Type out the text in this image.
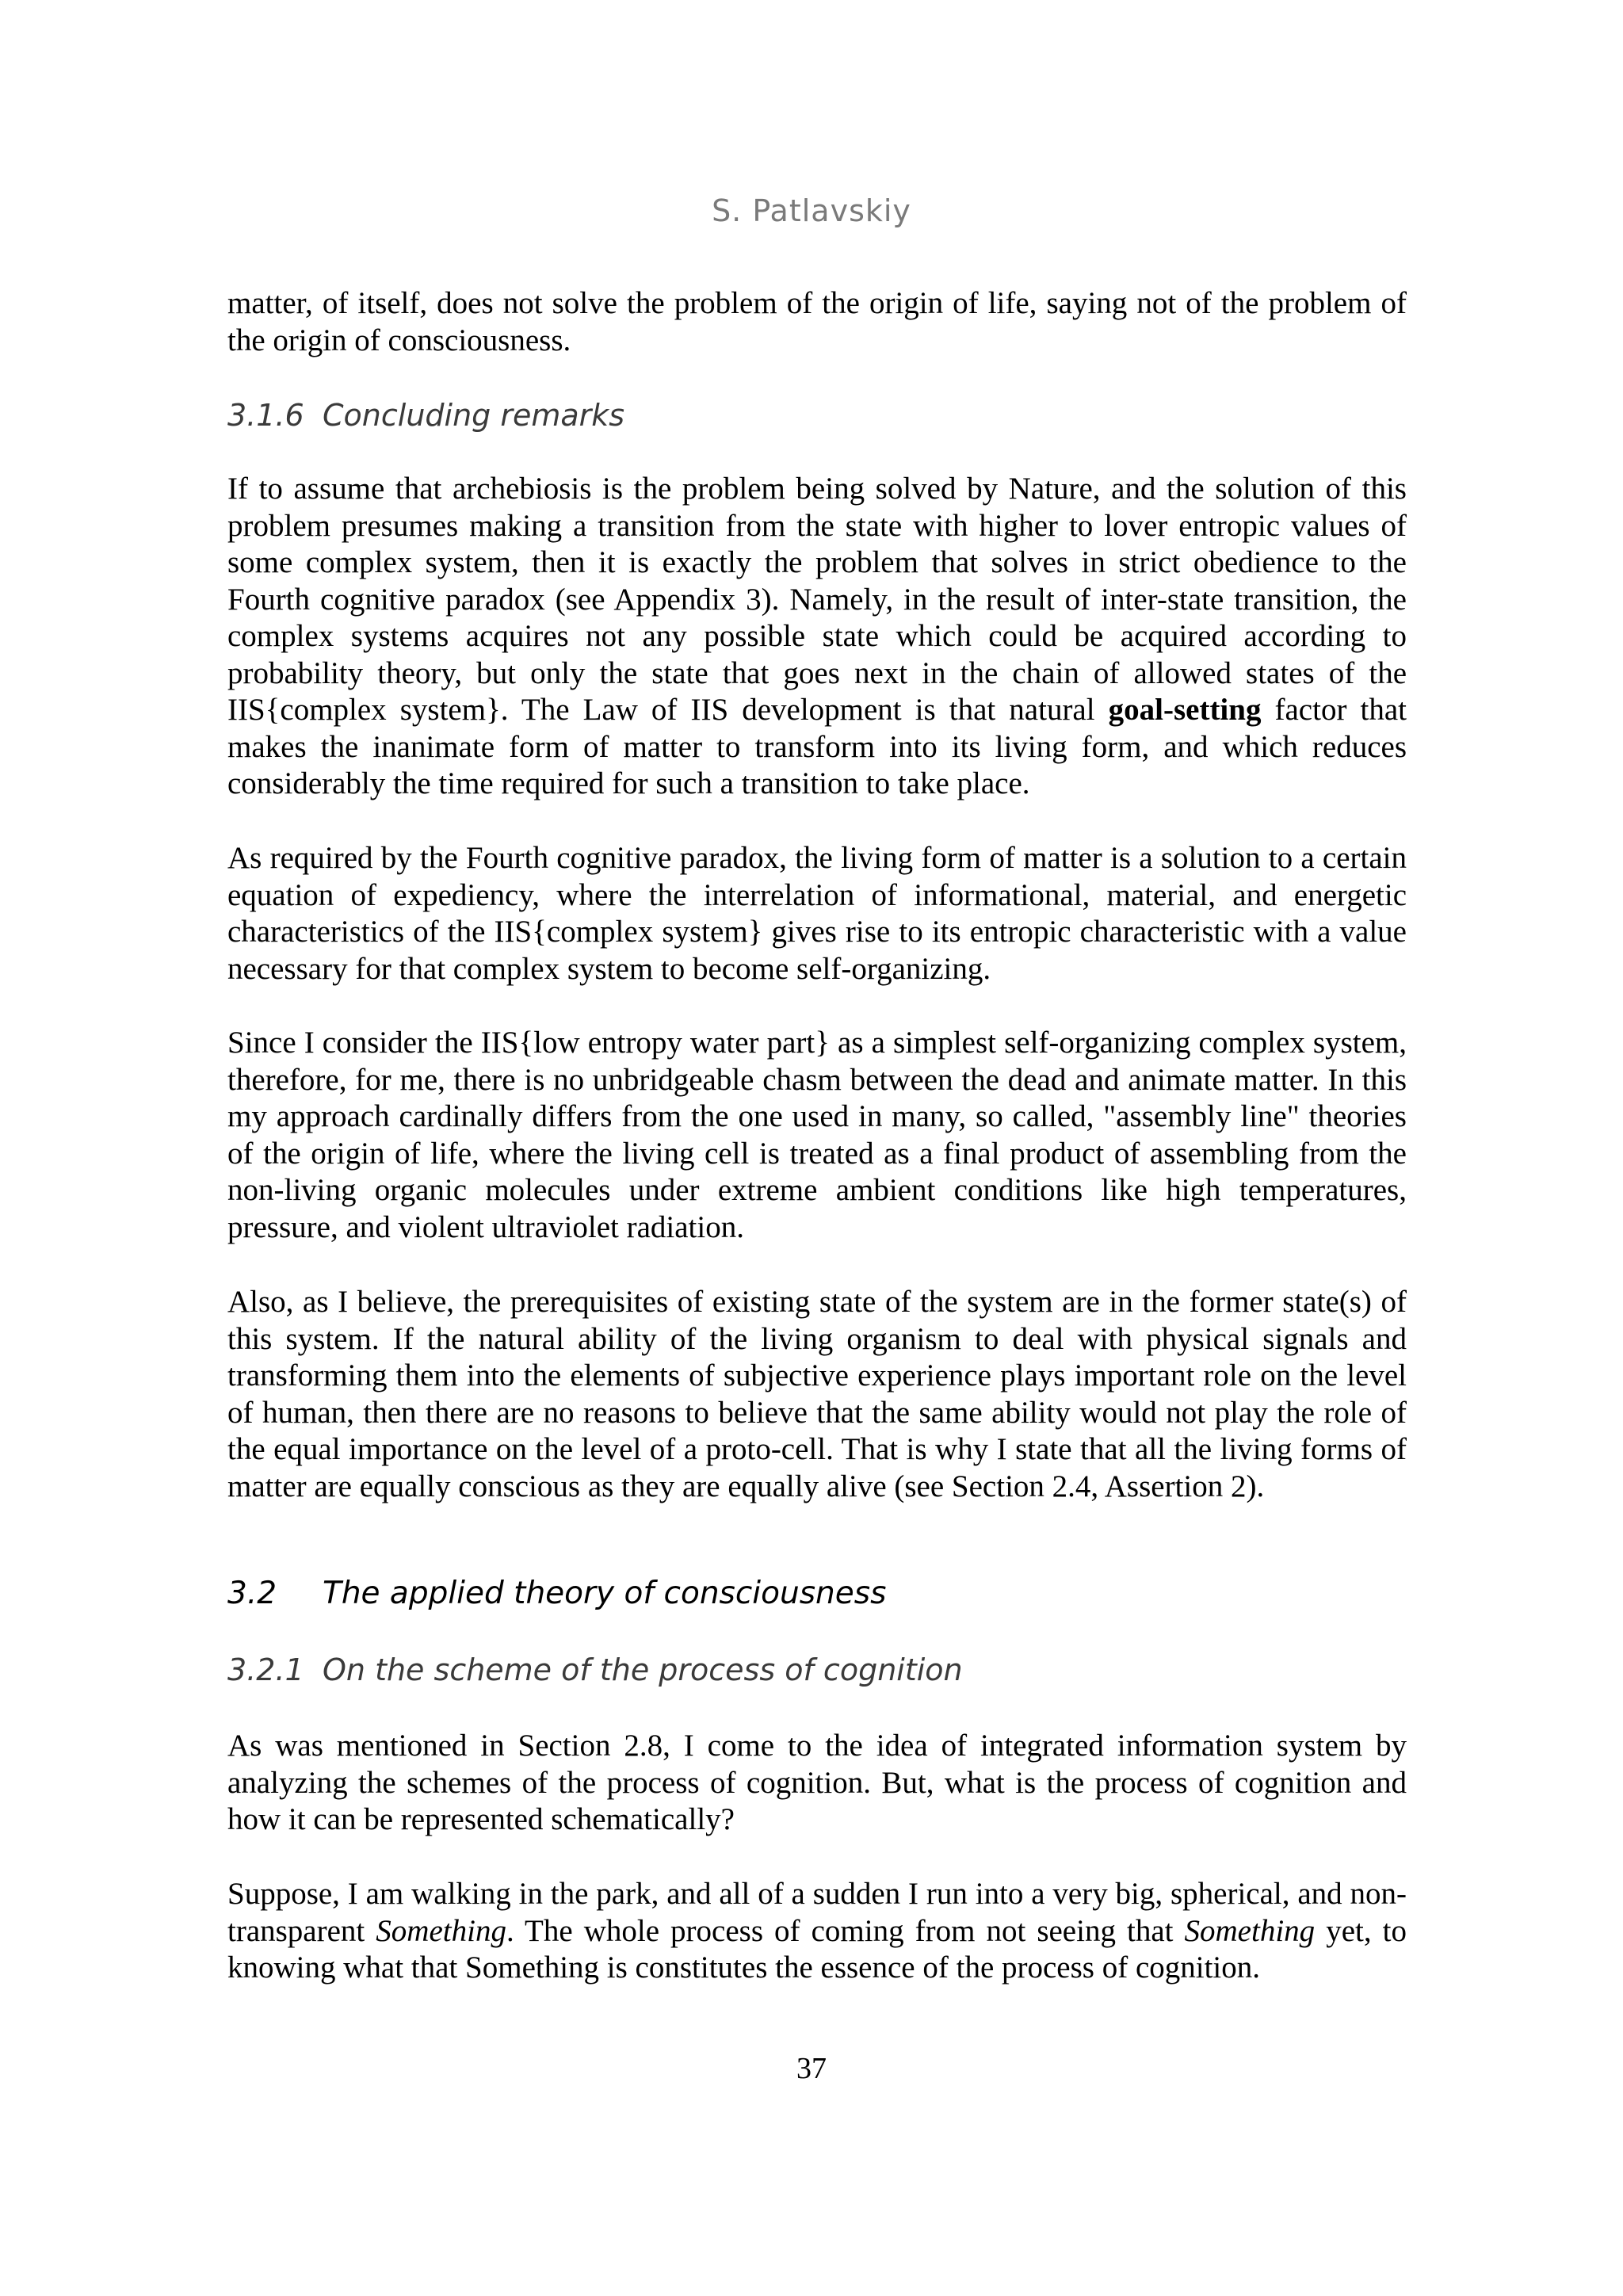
S. Patlavskiy

matter, of itself, does not solve the problem of the origin of life, saying not of the problem of the origin of consciousness.

3.1.6 Concluding remarks

If to assume that archebiosis is the problem being solved by Nature, and the solution of this problem presumes making a transition from the state with higher to lover entropic values of some complex system, then it is exactly the problem that solves in strict obedience to the Fourth cognitive paradox (see Appendix 3). Namely, in the result of inter-state transition, the complex systems acquires not any possible state which could be acquired according to probability theory, but only the state that goes next in the chain of allowed states of the IIS{complex system}. The Law of IIS development is that natural goal-setting factor that makes the inanimate form of matter to transform into its living form, and which reduces considerably the time required for such a transition to take place.

As required by the Fourth cognitive paradox, the living form of matter is a solution to a certain equation of expediency, where the interrelation of informational, material, and energetic characteristics of the IIS{complex system} gives rise to its entropic characteristic with a value necessary for that complex system to become self-organizing.

Since I consider the IIS{low entropy water part} as a simplest self-organizing complex system, therefore, for me, there is no unbridgeable chasm between the dead and animate matter. In this my approach cardinally differs from the one used in many, so called, "assembly line" theories of the origin of life, where the living cell is treated as a final product of assembling from the non-living organic molecules under extreme ambient conditions like high temperatures, pressure, and violent ultraviolet radiation.

Also, as I believe, the prerequisites of existing state of the system are in the former state(s) of this system. If the natural ability of the living organism to deal with physical signals and transforming them into the elements of subjective experience plays important role on the level of human, then there are no reasons to believe that the same ability would not play the role of the equal importance on the level of a proto-cell. That is why I state that all the living forms of matter are equally conscious as they are equally alive (see Section 2.4, Assertion 2).

3.2 The applied theory of consciousness
3.2.1 On the scheme of the process of cognition

As was mentioned in Section 2.8, I come to the idea of integrated information system by analyzing the schemes of the process of cognition. But, what is the process of cognition and how it can be represented schematically?

Suppose, I am walking in the park, and all of a sudden I run into a very big, spherical, and non-transparent Something. The whole process of coming from not seeing that Something yet, to knowing what that Something is constitutes the essence of the process of cognition.

37
